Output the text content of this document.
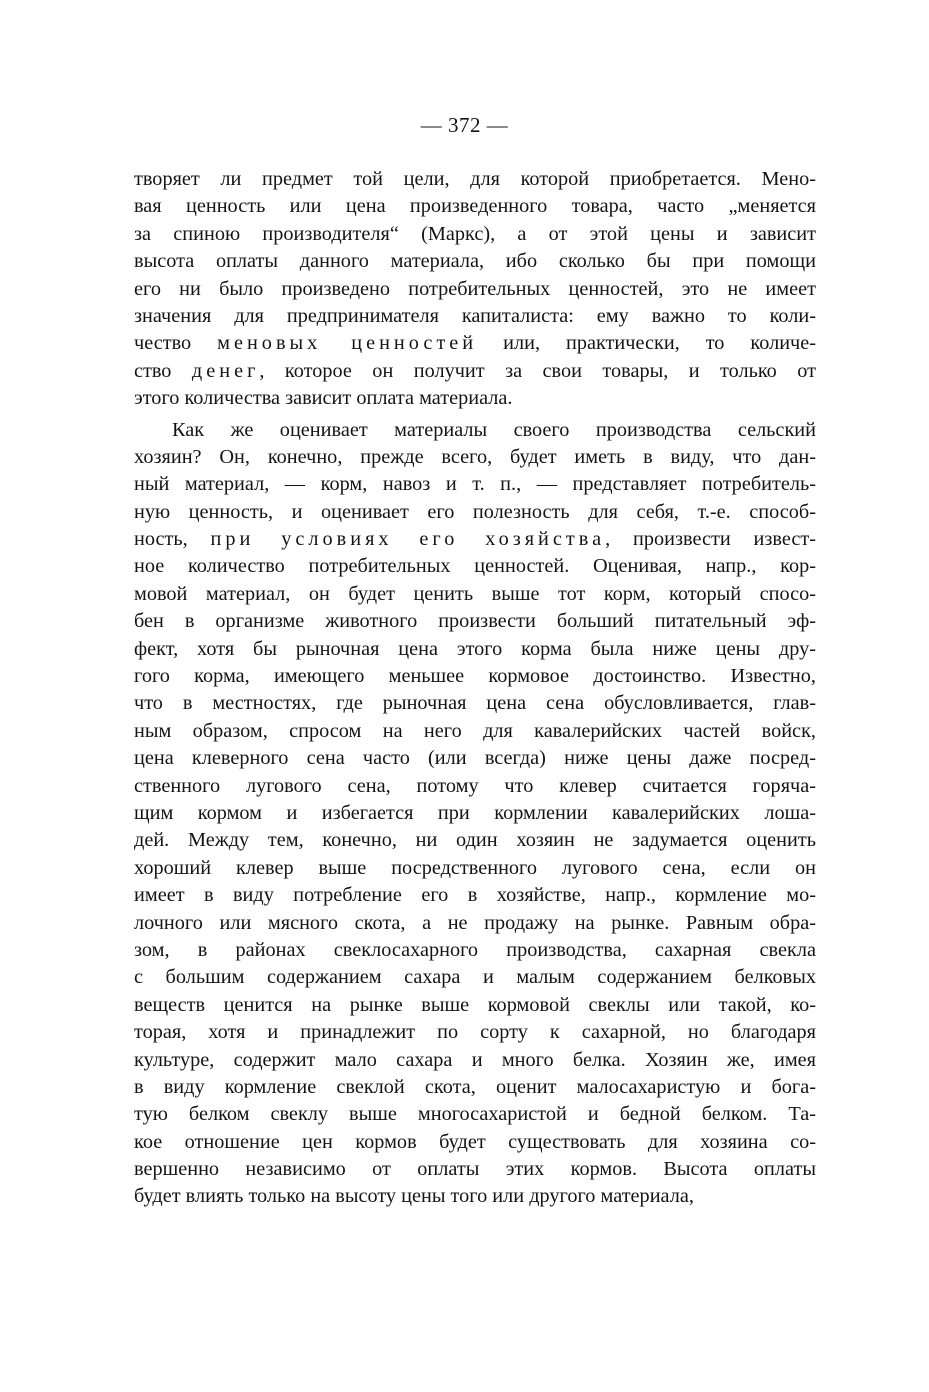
— 372 —
творяет ли предмет той цели, для которой приобретается. Мено-
вая ценность или цена произведенного товара, часто „меняется
за спиною производителя“ (Маркс), а от этой цены и зависит
высота оплаты данного материала, ибо сколько бы при помощи
его ни было произведено потребительных ценностей, это не имеет
значения для предпринимателя капиталиста: ему важно то коли-
чество меновых ценностей или, практически, то количе-
ство денег, которое он получит за свои товары, и только от
этого количества зависит оплата материала.
Как же оценивает материалы своего производства сельский
хозяин? Он, конечно, прежде всего, будет иметь в виду, что дан-
ный материал, — корм, навоз и т. п., — представляет потребитель-
ную ценность, и оценивает его полезность для себя, т.-е. способ-
ность, при условиях его хозяйства, произвести извест-
ное количество потребительных ценностей. Оценивая, напр., кор-
мовой материал, он будет ценить выше тот корм, который спосо-
бен в организме животного произвести больший питательный эф-
фект, хотя бы рыночная цена этого корма была ниже цены дру-
гого корма, имеющего меньшее кормовое достоинство. Известно,
что в местностях, где рыночная цена сена обусловливается, глав-
ным образом, спросом на него для кавалерийских частей войск,
цена клеверного сена часто (или всегда) ниже цены даже посред-
ственного лугового сена, потому что клевер считается горяча-
щим кормом и избегается при кормлении кавалерийских лоша-
дей. Между тем, конечно, ни один хозяин не задумается оценить
хороший клевер выше посредственного лугового сена, если он
имеет в виду потребление его в хозяйстве, напр., кормление мо-
лочного или мясного скота, а не продажу на рынке. Равным обра-
зом, в районах свеклосахарного производства, сахарная свекла
с большим содержанием сахара и малым содержанием белковых
веществ ценится на рынке выше кормовой свеклы или такой, ко-
торая, хотя и принадлежит по сорту к сахарной, но благодаря
культуре, содержит мало сахара и много белка. Хозяин же, имея
в виду кормление свеклой скота, оценит малосахаристую и бога-
тую белком свеклу выше многосахаристой и бедной белком. Та-
кое отношение цен кормов будет существовать для хозяина со-
вершенно независимо от оплаты этих кормов. Высота оплаты
будет влиять только на высоту цены того или другого материала,
